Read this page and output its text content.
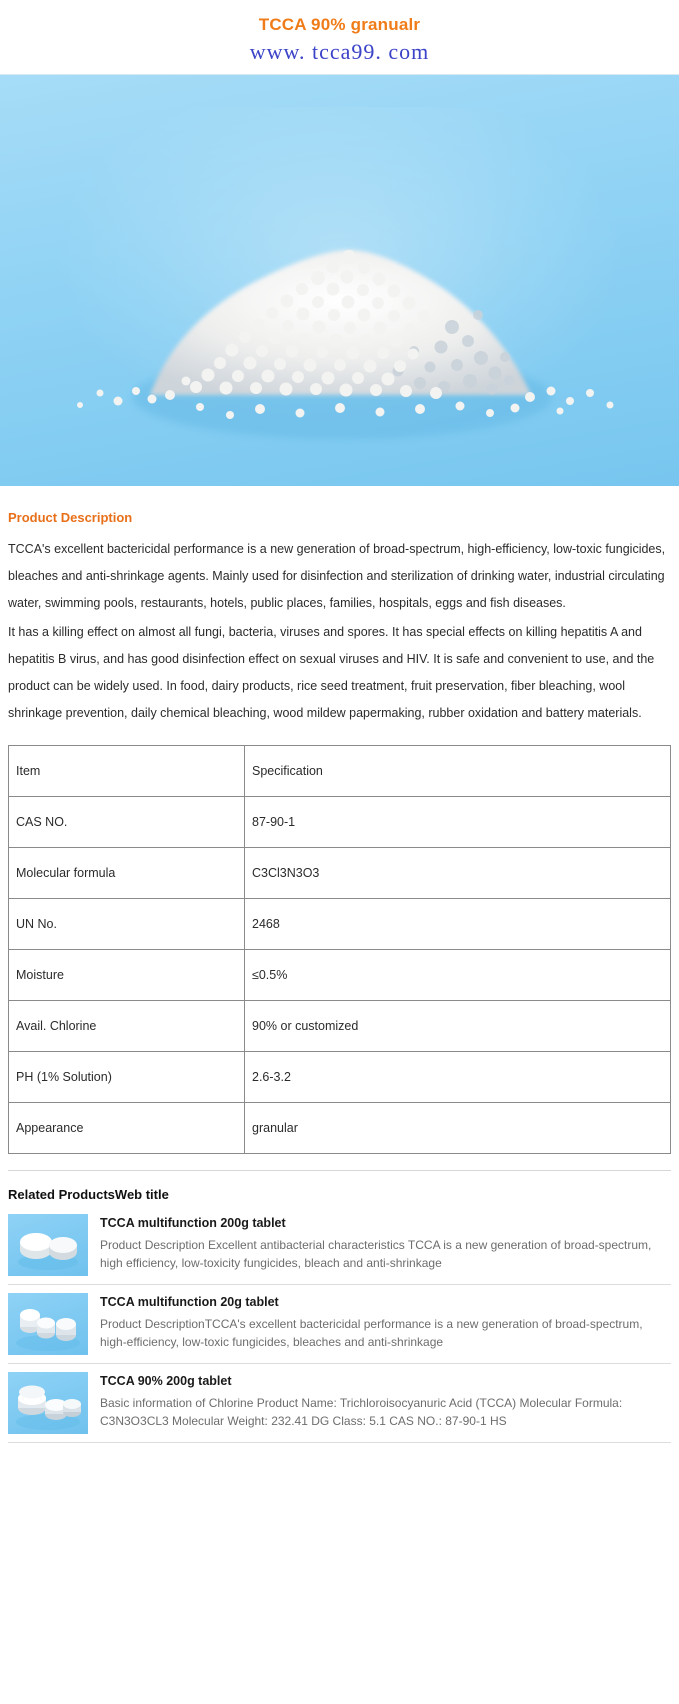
TCCA 90% granualr
www. tcca99. com
Product Description

TCCA's excellent bactericidal performance is a new generation of broad-spectrum, high-efficiency, low-toxic fungicides, bleaches and anti-shrinkage agents. Mainly used for disinfection and sterilization of drinking water, industrial circulating water, swimming pools, restaurants, hotels, public places, families, hospitals, eggs and fish diseases.

It has a killing effect on almost all fungi, bacteria, viruses and spores. It has special effects on killing hepatitis A and hepatitis B virus, and has good disinfection effect on sexual viruses and HIV. It is safe and convenient to use, and the product can be widely used. In food, dairy products, rice seed treatment, fruit preservation, fiber bleaching, wool shrinkage prevention, daily chemical bleaching, wood mildew papermaking, rubber oxidation and battery materials.

Item	Specification
CAS NO.	87-90-1
Molecular formula	C3Cl3N3O3
UN No.	2468
Moisture	≤0.5%
Avail. Chlorine	90% or customized
PH (1% Solution)	2.6-3.2
Appearance	granular
Related ProductsWeb title
TCCA multifunction 200g tablet
Product Description Excellent antibacterial characteristics TCCA is a new generation of broad-spectrum, high efficiency, low-toxicity fungicides, bleach and anti-shrinkage
TCCA multifunction 20g tablet
Product DescriptionTCCA's excellent bactericidal performance is a new generation of broad-spectrum, high-efficiency, low-toxic fungicides, bleaches and anti-shrinkage
TCCA 90% 200g tablet
Basic information of Chlorine Product Name: Trichloroisocyanuric Acid (TCCA) Molecular Formula: C3N3O3CL3 Molecular Weight: 232.41 DG Class: 5.1 CAS NO.: 87-90-1 HS
